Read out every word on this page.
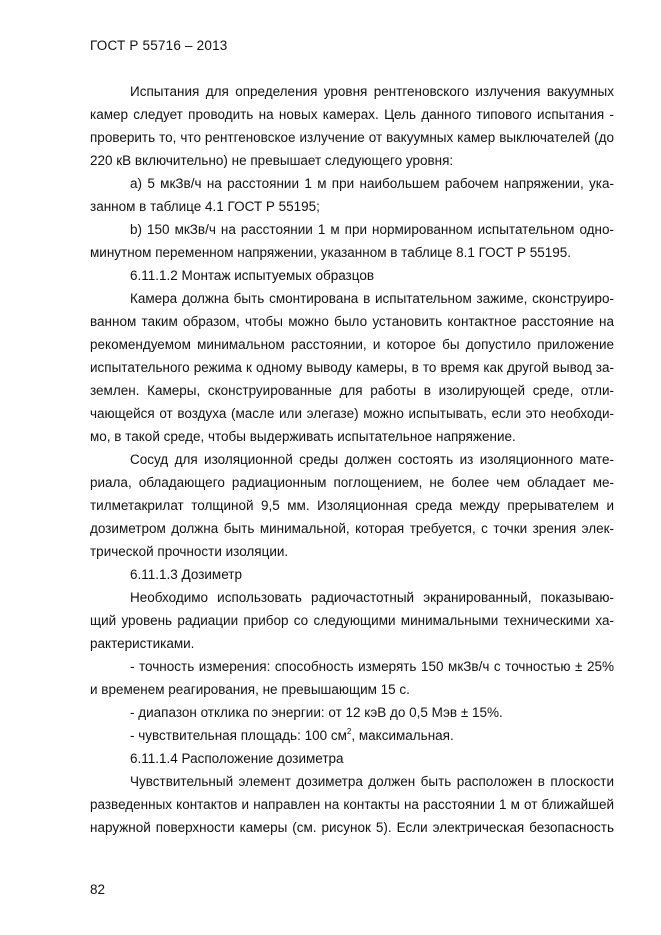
ГОСТ Р 55716 – 2013
Испытания для определения уровня рентгеновского излучения вакуумных
камер следует проводить на новых камерах. Цель данного типового испытания -
проверить то, что рентгеновское излучение от вакуумных камер выключателей (до
220 кВ включительно) не превышает следующего уровня:
а) 5 мкЗв/ч на расстоянии 1 м при наибольшем рабочем напряжении, ука-
занном в таблице 4.1 ГОСТ Р 55195;
b) 150 мкЗв/ч на расстоянии 1 м при нормированном испытательном одно-
минутном переменном напряжении, указанном в таблице 8.1 ГОСТ Р 55195.
6.11.1.2 Монтаж испытуемых образцов
Камера должна быть смонтирована в испытательном зажиме, сконструиро-
ванном таким образом, чтобы можно было установить контактное расстояние на
рекомендуемом минимальном расстоянии, и которое бы допустило приложение
испытательного режима к одному выводу камеры, в то время как другой вывод за-
землен. Камеры, сконструированные для работы в изолирующей среде, отли-
чающейся от воздуха (масле или элегазе) можно испытывать, если это необходи-
мо, в такой среде, чтобы выдерживать испытательное напряжение.
Сосуд для изоляционной среды должен состоять из изоляционного мате-
риала, обладающего радиационным поглощением, не более чем обладает ме-
тилметакрилат толщиной 9,5 мм. Изоляционная среда между прерывателем и
дозиметром должна быть минимальной, которая требуется, с точки зрения элек-
трической прочности изоляции.
6.11.1.3 Дозиметр
Необходимо использовать радиочастотный экранированный, показываю-
щий уровень радиации прибор со следующими минимальными техническими ха-
рактеристиками.
- точность измерения: способность измерять 150 мкЗв/ч с точностью ± 25%
и временем реагирования, не превышающим 15 с.
- диапазон отклика по энергии: от 12 кэВ до 0,5 Мэв ± 15%.
- чувствительная площадь: 100 $см^2$, максимальная.
6.11.1.4 Расположение дозиметра
Чувствительный элемент дозиметра должен быть расположен в плоскости
разведенных контактов и направлен на контакты на расстоянии 1 м от ближайшей
наружной поверхности камеры (см. рисунок 5). Если электрическая безопасность
82
